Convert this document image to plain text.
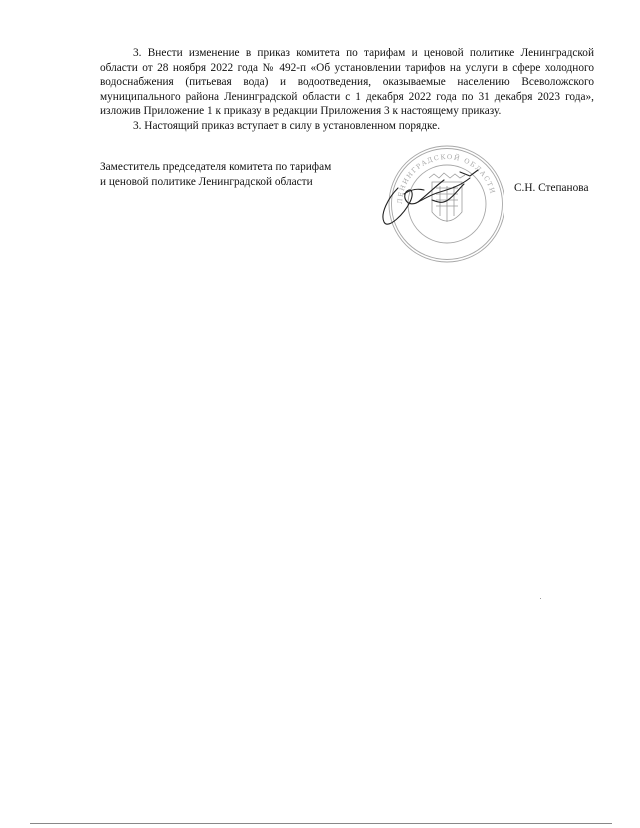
3. Внести изменение в приказ комитета по тарифам и ценовой политике Ленинградской области от 28 ноября 2022 года № 492-п «Об установлении тарифов на услуги в сфере холодного водоснабжения (питьевая вода) и водоотведения, оказываемые населению Всеволожского муниципального района Ленинградской области с 1 декабря 2022 года по 31 декабря 2023 года», изложив Приложение 1 к приказу в редакции Приложения 3 к настоящему приказу.

3. Настоящий приказ вступает в силу в установленном порядке.

Заместитель председателя комитета по тарифам
и ценовой политике Ленинградской области
ЛЕНИНГРАДСКОЙ ОБЛАСТИ С.Н. Степанова
